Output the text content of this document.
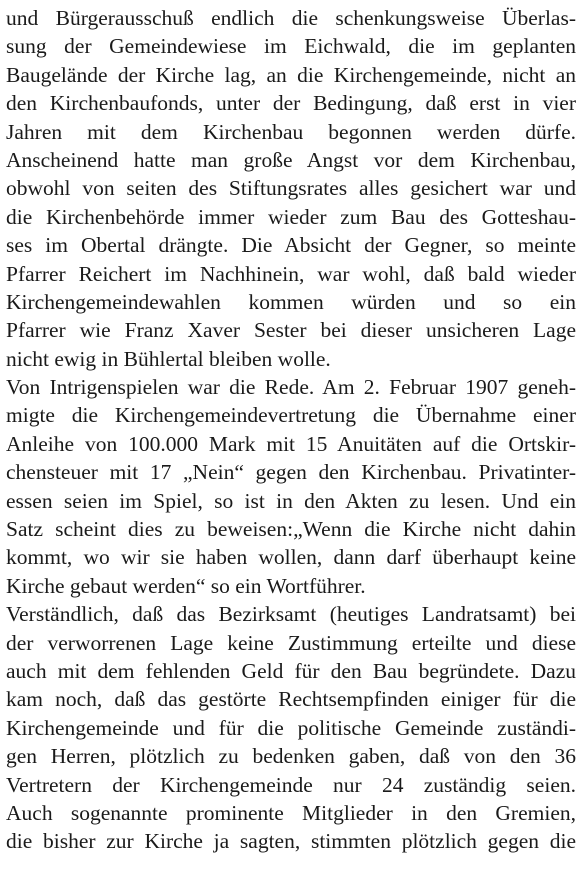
und Bürgerausschuß endlich die schenkungsweise Überlas-
sung der Gemeindewiese im Eichwald, die im geplanten
Baugelände der Kirche lag, an die Kirchengemeinde, nicht an
den Kirchenbaufonds, unter der Bedingung, daß erst in vier
Jahren mit dem Kirchenbau begonnen werden dürfe.
Anscheinend hatte man große Angst vor dem Kirchenbau,
obwohl von seiten des Stiftungsrates alles gesichert war und
die Kirchenbehörde immer wieder zum Bau des Gotteshau-
ses im Obertal drängte. Die Absicht der Gegner, so meinte
Pfarrer Reichert im Nachhinein, war wohl, daß bald wieder
Kirchengemeindewahlen kommen würden und so ein
Pfarrer wie Franz Xaver Sester bei dieser unsicheren Lage
nicht ewig in Bühlertal bleiben wolle.
Von Intrigenspielen war die Rede. Am 2. Februar 1907 geneh-
migte die Kirchengemeindevertretung die Übernahme einer
Anleihe von 100.000 Mark mit 15 Anuitäten auf die Ortskir-
chensteuer mit 17 „Nein“ gegen den Kirchenbau. Privatinter-
essen seien im Spiel, so ist in den Akten zu lesen. Und ein
Satz scheint dies zu beweisen:„Wenn die Kirche nicht dahin
kommt, wo wir sie haben wollen, dann darf überhaupt keine
Kirche gebaut werden“ so ein Wortführer.
Verständlich, daß das Bezirksamt (heutiges Landratsamt) bei
der verworrenen Lage keine Zustimmung erteilte und diese
auch mit dem fehlenden Geld für den Bau begründete. Dazu
kam noch, daß das gestörte Rechtsempfinden einiger für die
Kirchengemeinde und für die politische Gemeinde zuständi-
gen Herren, plötzlich zu bedenken gaben, daß von den 36
Vertretern der Kirchengemeinde nur 24 zuständig seien.
Auch sogenannte prominente Mitglieder in den Gremien,
die bisher zur Kirche ja sagten, stimmten plötzlich gegen die
